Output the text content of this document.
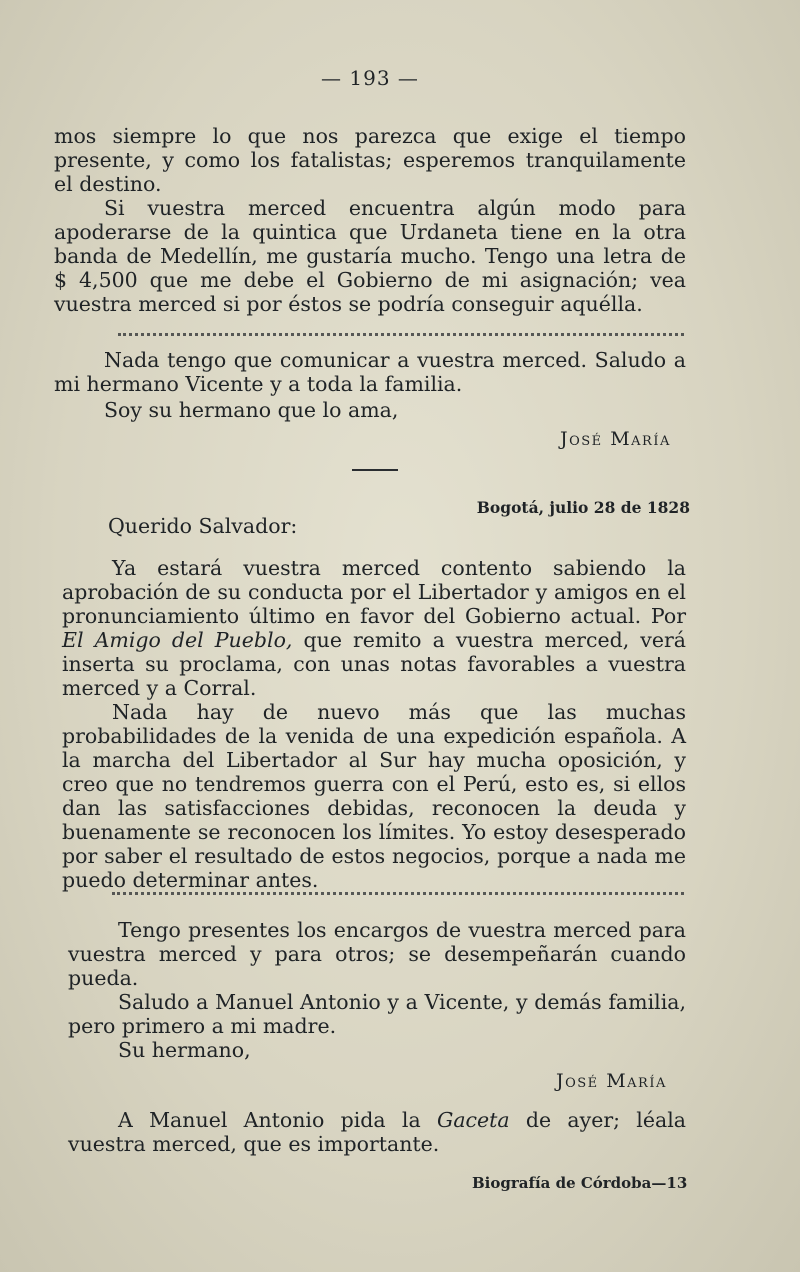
— 193 —

mos siempre lo que nos parezca que exige el tiempo presente, y como los fatalistas; esperemos tranquilamente el destino.

Si vuestra merced encuentra algún modo para apoderarse de la quintica que Urdaneta tiene en la otra banda de Medellín, me gustaría mucho. Tengo una letra de $ 4,500 que me debe el Gobierno de mi asignación; vea vuestra merced si por éstos se podría conseguir aquélla.

Nada tengo que comunicar a vuestra merced. Saludo a mi hermano Vicente y a toda la familia.

Soy su hermano que lo ama,

José María
Bogotá, julio 28 de 1828
Querido Salvador:

Ya estará vuestra merced contento sabiendo la aprobación de su conducta por el Libertador y amigos en el pronunciamiento último en favor del Gobierno actual. Por El Amigo del Pueblo, que remito a vuestra merced, verá inserta su proclama, con unas notas favorables a vuestra merced y a Corral.

Nada hay de nuevo más que las muchas probabilidades de la venida de una expedición española. A la marcha del Libertador al Sur hay mucha oposición, y creo que no tendremos guerra con el Perú, esto es, si ellos dan las satisfacciones debidas, reconocen la deuda y buenamente se reconocen los límites. Yo estoy desesperado por saber el resultado de estos negocios, porque a nada me puedo determinar antes.

Tengo presentes los encargos de vuestra merced para vuestra merced y para otros; se desempeñarán cuando pueda.

Saludo a Manuel Antonio y a Vicente, y demás familia, pero primero a mi madre.

Su hermano,

José María

A Manuel Antonio pida la Gaceta de ayer; léala vuestra merced, que es importante.

Biografía de Córdoba—13
